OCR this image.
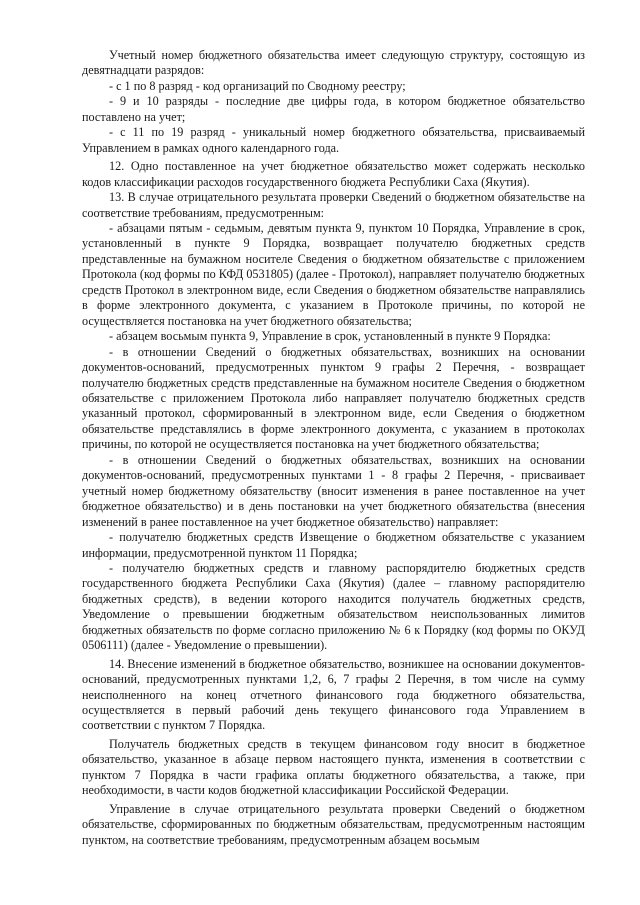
Учетный номер бюджетного обязательства имеет следующую структуру, состоящую из девятнадцати разрядов:

- с 1 по 8 разряд - код организаций по Сводному реестру;

- 9 и 10 разряды - последние две цифры года, в котором бюджетное обязательство поставлено на учет;

- с 11 по 19 разряд - уникальный номер бюджетного обязательства, присваиваемый Управлением в рамках одного календарного года.

12. Одно поставленное на учет бюджетное обязательство может содержать несколько кодов классификации расходов государственного бюджета Республики Саха (Якутия).

13. В случае отрицательного результата проверки Сведений о бюджетном обязательстве на соответствие требованиям, предусмотренным:

- абзацами пятым - седьмым, девятым пункта 9, пунктом 10 Порядка, Управление в срок, установленный в пункте 9 Порядка, возвращает получателю бюджетных средств представленные на бумажном носителе Сведения о бюджетном обязательстве с приложением Протокола (код формы по КФД 0531805) (далее - Протокол), направляет получателю бюджетных средств Протокол в электронном виде, если Сведения о бюджетном обязательстве направлялись в форме электронного документа, с указанием в Протоколе причины, по которой не осуществляется постановка на учет бюджетного обязательства;

- абзацем восьмым пункта 9, Управление в срок, установленный в пункте 9 Порядка:

- в отношении Сведений о бюджетных обязательствах, возникших на основании документов-оснований, предусмотренных пунктом 9 графы 2 Перечня, - возвращает получателю бюджетных средств представленные на бумажном носителе Сведения о бюджетном обязательстве с приложением Протокола либо направляет получателю бюджетных средств указанный протокол, сформированный в электронном виде, если Сведения о бюджетном обязательстве представлялись в форме электронного документа, с указанием в протоколах причины, по которой не осуществляется постановка на учет бюджетного обязательства;

- в отношении Сведений о бюджетных обязательствах, возникших на основании документов-оснований, предусмотренных пунктами 1 - 8 графы 2 Перечня, - присваивает учетный номер бюджетному обязательству (вносит изменения в ранее поставленное на учет бюджетное обязательство) и в день постановки на учет бюджетного обязательства (внесения изменений в ранее поставленное на учет бюджетное обязательство) направляет:

- получателю бюджетных средств Извещение о бюджетном обязательстве с указанием информации, предусмотренной пунктом 11 Порядка;

- получателю бюджетных средств и главному распорядителю бюджетных средств государственного бюджета Республики Саха (Якутия) (далее – главному распорядителю бюджетных средств), в ведении которого находится получатель бюджетных средств, Уведомление о превышении бюджетным обязательством неиспользованных лимитов бюджетных обязательств по форме согласно приложению № 6 к Порядку (код формы по ОКУД 0506111) (далее - Уведомление о превышении).

14. Внесение изменений в бюджетное обязательство, возникшее на основании документов-оснований, предусмотренных пунктами 1,2, 6, 7 графы 2 Перечня, в том числе на сумму неисполненного на конец отчетного финансового года бюджетного обязательства, осуществляется в первый рабочий день текущего финансового года Управлением в соответствии с пунктом 7 Порядка.

Получатель бюджетных средств в текущем финансовом году вносит в бюджетное обязательство, указанное в абзаце первом настоящего пункта, изменения в соответствии с пунктом 7 Порядка в части графика оплаты бюджетного обязательства, а также, при необходимости, в части кодов бюджетной классификации Российской Федерации.

Управление в случае отрицательного результата проверки Сведений о бюджетном обязательстве, сформированных по бюджетным обязательствам, предусмотренным настоящим пунктом, на соответствие требованиям, предусмотренным абзацем восьмым
